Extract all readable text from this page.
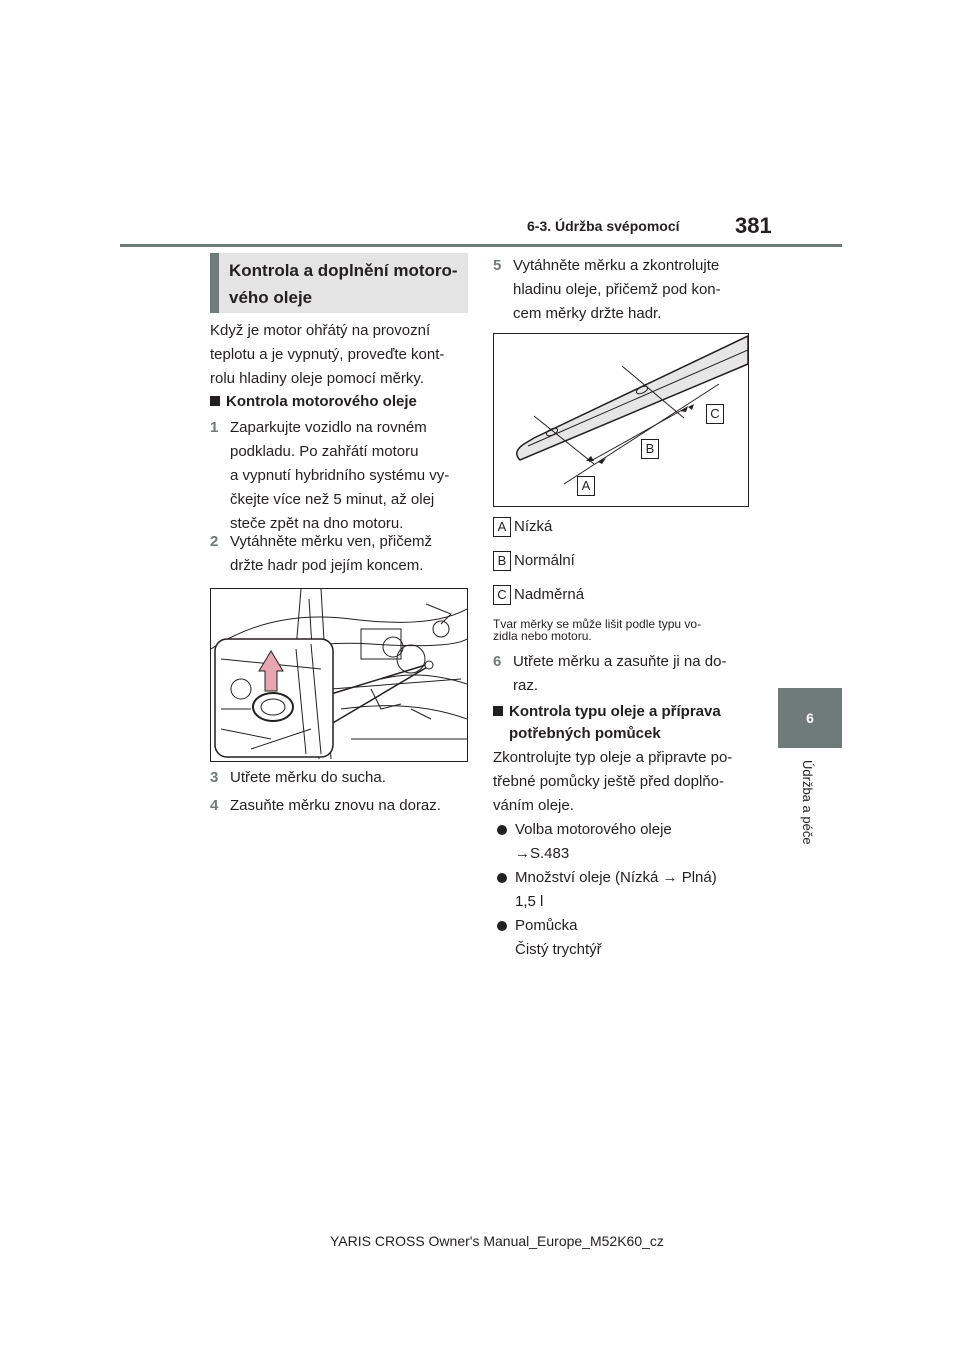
6-3. Údržba svépomocí	381
6
Údržba a péče
Kontrola a doplnění motoro-
vého oleje
Když je motor ohřátý na provozní
teplotu a je vypnutý, proveďte kont-
rolu hladiny oleje pomocí měrky.
Kontrola motorového oleje
1 Zaparkujte vozidlo na rovném
podkladu. Po zahřátí motoru
a vypnutí hybridního systému vy-
čkejte více než 5 minut, až olej
steče zpět na dno motoru.
2 Vytáhněte měrku ven, přičemž
držte hadr pod jejím koncem.
3 Utřete měrku do sucha.
4 Zasuňte měrku znovu na doraz.
5 Vytáhněte měrku a zkontrolujte
hladinu oleje, přičemž pod kon-
cem měrky držte hadr.
C
B
A
A Nízká
B Normální
C Nadměrná
Tvar měrky se může lišit podle typu vo-
zidla nebo motoru.
6 Utřete měrku a zasuňte ji na do-
raz.
Kontrola typu oleje a příprava
potřebných pomůcek
Zkontrolujte typ oleje a připravte po-
třebné pomůcky ještě před doplňo-
váním oleje.
Volba motorového oleje
→S.483
Množství oleje (Nízká → Plná)
1,5 l
Pomůcka
Čistý trychtýř
YARIS CROSS Owner's Manual_Europe_M52K60_cz
